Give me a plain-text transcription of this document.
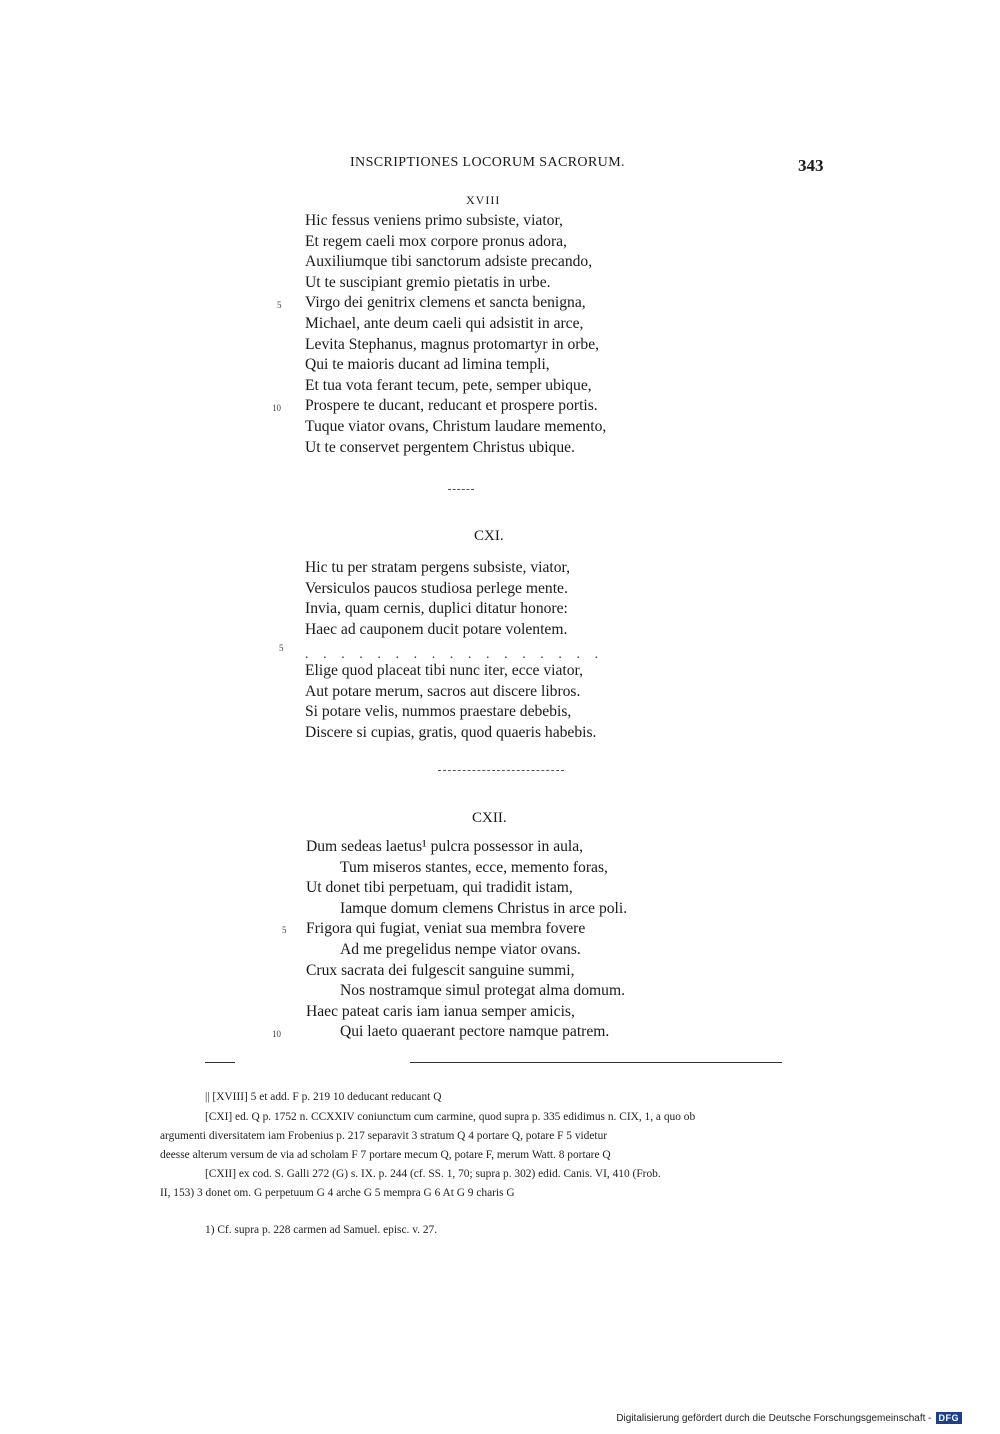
INSCRIPTIONES LOCORUM SACRORUM.	343
XVIII
Hic fessus veniens primo subsiste, viator,
Et regem caeli mox corpore pronus adora,
Auxiliumque tibi sanctorum adsiste precando,
Ut te suscipiant gremio pietatis in urbe.
Virgo dei genitrix clemens et sancta benigna,
Michael, ante deum caeli qui adsistit in arce,
Levita Stephanus, magnus protomartyr in orbe,
Qui te maioris ducant ad limina templi,
Et tua vota ferant tecum, pete, semper ubique,
Prospere te ducant, reducant et prospere portis.
Tuque viator ovans, Christum laudare memento,
Ut te conservet pergentem Christus ubique.
5
10
CXI.
Hic tu per stratam pergens subsiste, viator,
Versiculos paucos studiosa perlege mente.
Invia, quam cernis, duplici ditatur honore:
Haec ad cauponem ducit potare volentem.
5 .................
Elige quod placeat tibi nunc iter, ecce viator,
Aut potare merum, sacros aut discere libros.
Si potare velis, nummos praestare debebis,
Discere si cupias, gratis, quod quaeris habebis.
CXII.
Dum sedeas laetus¹ pulcra possessor in aula,
Tum miseros stantes, ecce, memento foras,
Ut donet tibi perpetuam, qui tradidit istam,
Iamque domum clemens Christus in arce poli.
Frigora qui fugiat, veniat sua membra fovere
Ad me pregelidus nempe viator ovans.
Crux sacrata dei fulgescit sanguine summi,
Nos nostramque simul protegat alma domum.
Haec pateat caris iam ianua semper amicis,
Qui laeto quaerant pectore namque patrem.
5
10
|| [XVIII] 5 et add. F p. 219 10 deducant reducant Q
[CXI] ed. Q p. 1752 n. CCXXIV coniunctum cum carmine, quod supra p. 335 edidimus n. CIX, 1, a quo ob
argumenti diversitatem iam Frobenius p. 217 separavit 3 stratum Q 4 portare Q, potare F 5 videtur
deesse alterum versum de via ad scholam F 7 portare mecum Q, potare F, merum Watt. 8 portare Q
[CXII] ex cod. S. Galli 272 (G) s. IX. p. 244 (cf. SS. 1, 70; supra p. 302) edid. Canis. VI, 410 (Frob.
II, 153) 3 donet om. G perpetuum G 4 arche G 5 mempra G 6 At G 9 charis G
1) Cf. supra p. 228 carmen ad Samuel. episc. v. 27.
Digitalisierung gefördert durch die Deutsche Forschungsgemeinschaft - DFG
